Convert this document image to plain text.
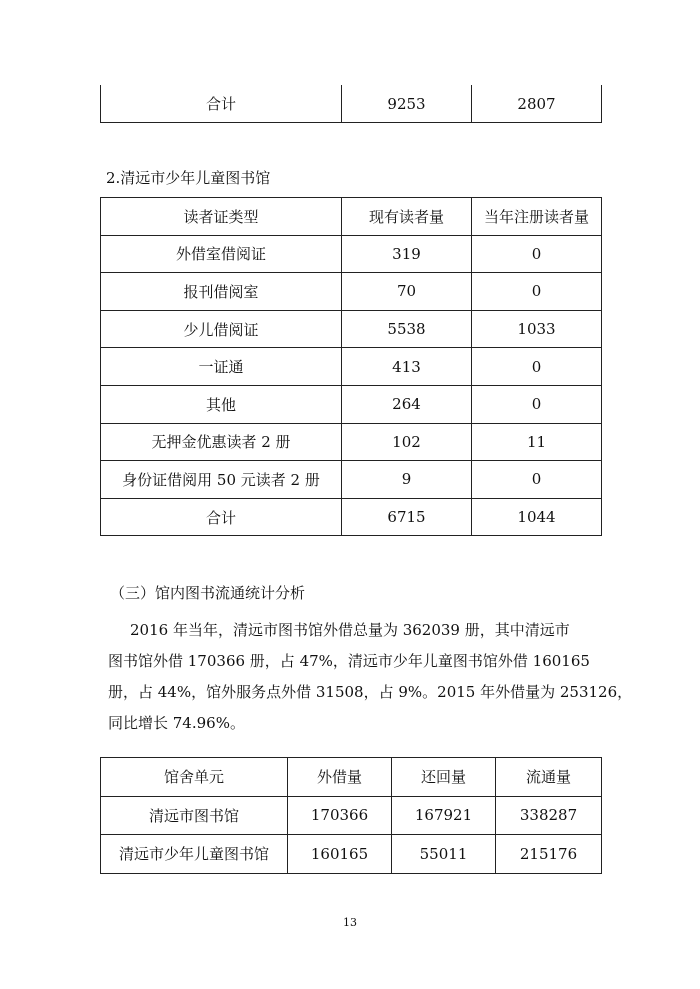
合计	9253	2807
2.清远市少年儿童图书馆
读者证类型	现有读者量	当年注册读者量
外借室借阅证	319	0
报刊借阅室	70	0
少儿借阅证	5538	1033
一证通	413	0
其他	264	0
无押金优惠读者 2 册	102	11
身份证借阅用 50 元读者 2 册	9	0
合计	6715	1044
（三）馆内图书流通统计分析
2016 年当年，清远市图书馆外借总量为 362039 册，其中清远市
图书馆外借 170366 册，占 47%，清远市少年儿童图书馆外借 160165
册，占 44%，馆外服务点外借 31508，占 9%。2015 年外借量为 253126，
同比增长 74.96%。
馆舍单元	外借量	还回量	流通量
清远市图书馆	170366	167921	338287
清远市少年儿童图书馆	160165	55011	215176
13
